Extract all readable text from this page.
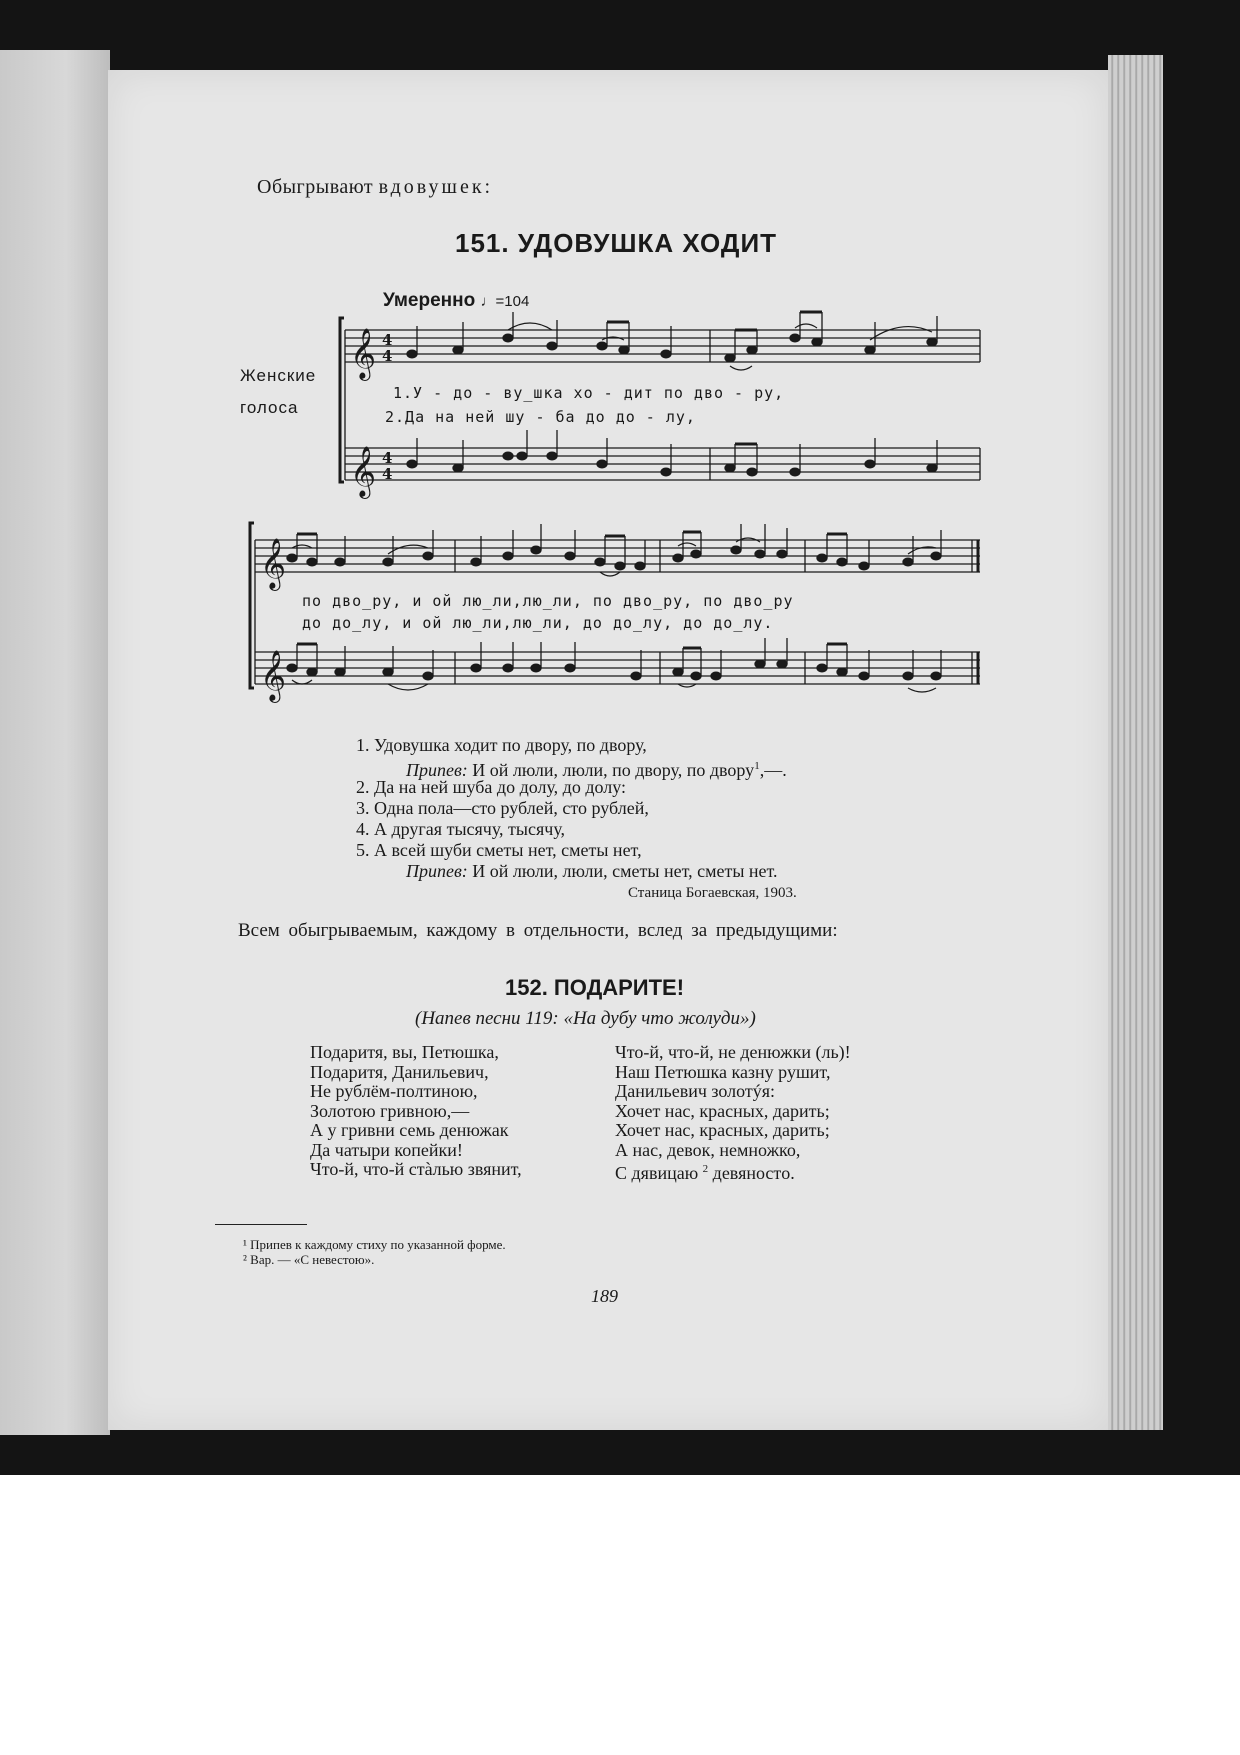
Обыгрывают вдовушек:
151. УДОВУШКА ХОДИТ
Умеренно ♩=104
Женские
голоса
𝄞
𝄞
𝄞
𝄞
4
4
4
4
1.У - до - ву_шка хо - дит по дво - ру,
2.Да на ней шу - ба до до - лу,
по дво_ру, и ой лю_ли,лю_ли, по дво_ру, по дво_ру
до до_лу, и ой лю_ли,лю_ли, до до_лу, до до_лу.
1. Удовушка ходит по двору, по двору,
Припев: И ой люли, люли, по двору, по двору$^1$,—.
2. Да на ней шуба до долу, до долу:
3. Одна пола—сто рублей, сто рублей,
4. А другая тысячу, тысячу,
5. А всей шуби сметы нет, сметы нет,
Припев: И ой люли, люли, сметы нет, сметы нет.
Станица Богаевская, 1903.
Всем обыгрываемым, каждому в отдельности, вслед за предыдущими:
152. ПОДАРИТЕ!
(Напев песни 119: «На дубу что жолуди»)
Подаритя, вы, Петюшка,
Подаритя, Данильевич,
Не рублём-полтиною,
Золотою гривною,—
А у гривни семь денюжак
Да чатыри копейки!
Что-й, что-й стàлью звянит,
Что-й, что-й, не денюжки (ль)!
Наш Петюшка казну рушит,
Данильевич золотýя:
Хочет нас, красных, дарить;
Хочет нас, красных, дарить;
А нас, девок, немножко,
С дявицаю $^2$ девяностo.
¹ Припев к каждому стиху по указанной форме.
² Вар. — «С невестою».
189
